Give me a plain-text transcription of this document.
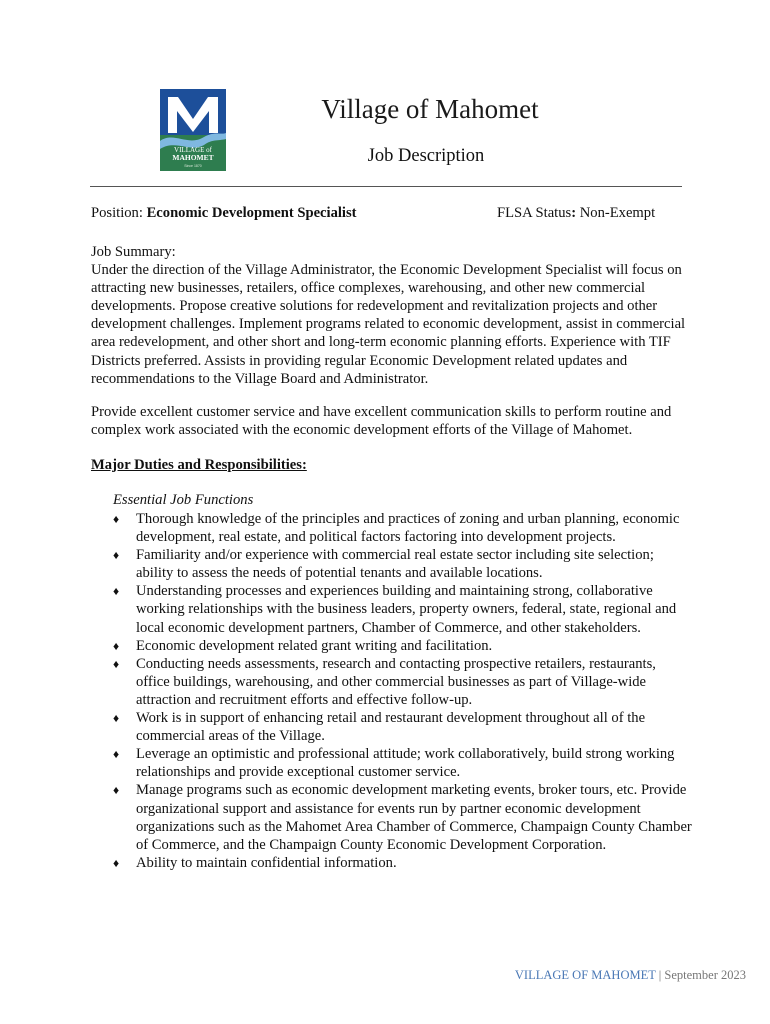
VILLAGE of
MAHOMET
Since 1870
Village of Mahomet
Job Description
Position: Economic Development Specialist	FLSA Status: Non-Exempt
Job Summary:
Under the direction of the Village Administrator, the Economic Development Specialist will focus on attracting new businesses, retailers, office complexes, warehousing, and other new commercial developments. Propose creative solutions for redevelopment and revitalization projects and other development challenges. Implement programs related to economic development, assist in commercial area redevelopment, and other short and long-term economic planning efforts. Experience with TIF Districts preferred. Assists in providing regular Economic Development related updates and recommendations to the Village Board and Administrator.
Provide excellent customer service and have excellent communication skills to perform routine and complex work associated with the economic development efforts of the Village of Mahomet.
Major Duties and Responsibilities:
Essential Job Functions
♦ Thorough knowledge of the principles and practices of zoning and urban planning, economic development, real estate, and political factors factoring into development projects.
♦ Familiarity and/or experience with commercial real estate sector including site selection; ability to assess the needs of potential tenants and available locations.
♦ Understanding processes and experiences building and maintaining strong, collaborative working relationships with the business leaders, property owners, federal, state, regional and local economic development partners, Chamber of Commerce, and other stakeholders.
♦ Economic development related grant writing and facilitation.
♦ Conducting needs assessments, research and contacting prospective retailers, restaurants, office buildings, warehousing, and other commercial businesses as part of Village-wide attraction and recruitment efforts and effective follow-up.
♦ Work is in support of enhancing retail and restaurant development throughout all of the commercial areas of the Village.
♦ Leverage an optimistic and professional attitude; work collaboratively, build strong working relationships and provide exceptional customer service.
♦ Manage programs such as economic development marketing events, broker tours, etc. Provide organizational support and assistance for events run by partner economic development organizations such as the Mahomet Area Chamber of Commerce, Champaign County Chamber of Commerce, and the Champaign County Economic Development Corporation.
♦ Ability to maintain confidential information.
VILLAGE OF MAHOMET | September 2023
